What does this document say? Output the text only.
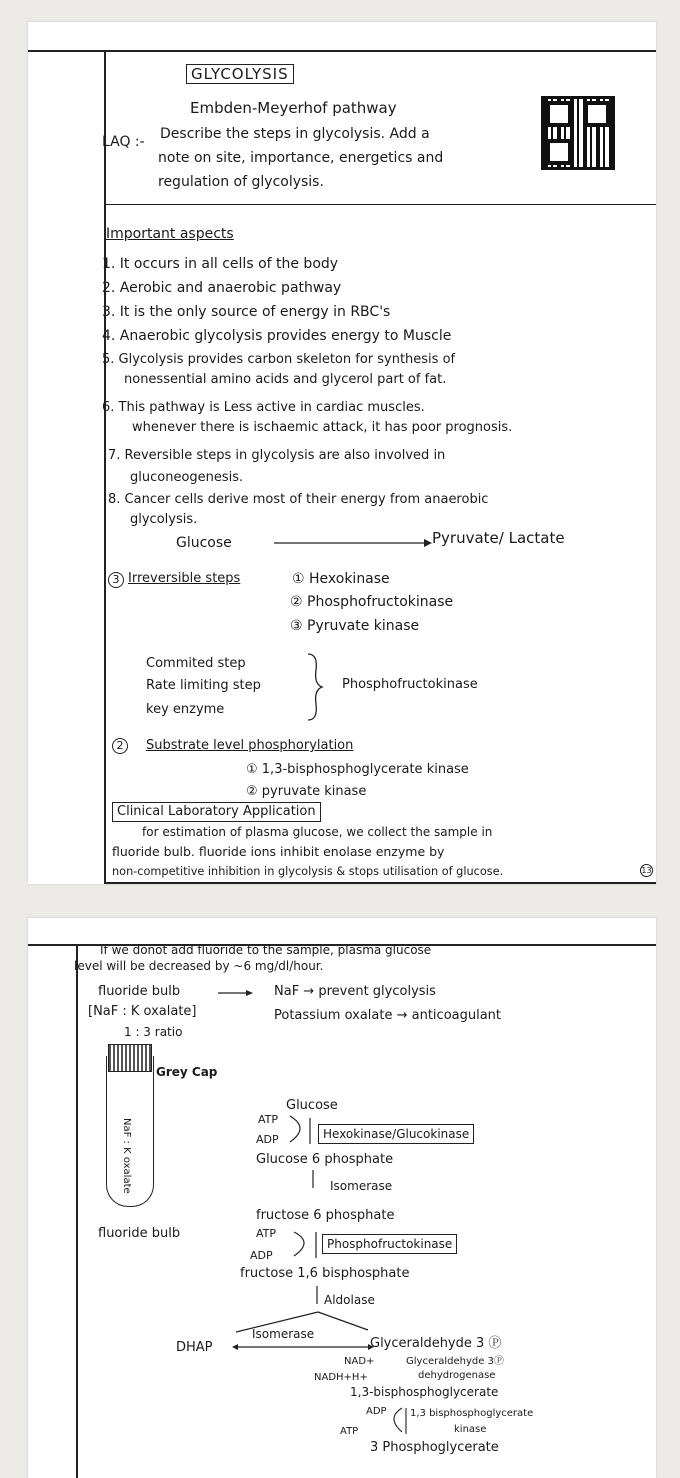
GLYCOLYSIS
Embden-Meyerhof pathway
LAQ :- Describe the steps in glycolysis. Add a
note on site, importance, energetics and
regulation of glycolysis.
Important aspects
1. It occurs in all cells of the body
2. Aerobic and anaerobic pathway
3. It is the only source of energy in RBC's
4. Anaerobic glycolysis provides energy to Muscle
5. Glycolysis provides carbon skeleton for synthesis of
nonessential amino acids and glycerol part of fat.
6. This pathway is Less active in cardiac muscles.
whenever there is ischaemic attack, it has poor prognosis.
7. Reversible steps in glycolysis are also involved in
gluconeogenesis.
8. Cancer cells derive most of their energy from anaerobic
glycolysis.
Glucose	Pyruvate/ Lactate
3 Irreversible steps	① Hexokinase
② Phosphofructokinase
③ Pyruvate kinase
Commited step
Rate limiting step
key enzyme
Phosphofructokinase
2	Substrate level phosphorylation
① 1,3-bisphosphoglycerate kinase
② pyruvate kinase
Clinical Laboratory Application
for estimation of plasma glucose, we collect the sample in
fluoride bulb. fluoride ions inhibit enolase enzyme by
non-competitive inhibition in glycolysis & stops utilisation of glucose.	13
If we donot add fluoride to the sample, plasma glucose
level will be decreased by ~6 mg/dl/hour.
fluoride bulb	NaF → prevent glycolysis
[NaF : K oxalate]	Potassium oxalate → anticoagulant
1 : 3 ratio
Grey Cap
NaF : K oxalate
fluoride bulb
Glucose
ATP
ADP	Hexokinase/Glucokinase
Glucose 6 phosphate
Isomerase
fructose 6 phosphate
ATP
ADP
Phosphofructokinase
fructose 1,6 bisphosphate
Aldolase
DHAP
Isomerase
Glyceraldehyde 3 Ⓟ
NAD+
NADH+H+
Glyceraldehyde 3Ⓟ
dehydrogenase
1,3-bisphosphoglycerate
ADP
ATP
1,3 bisphosphoglycerate
kinase
3 Phosphoglycerate
